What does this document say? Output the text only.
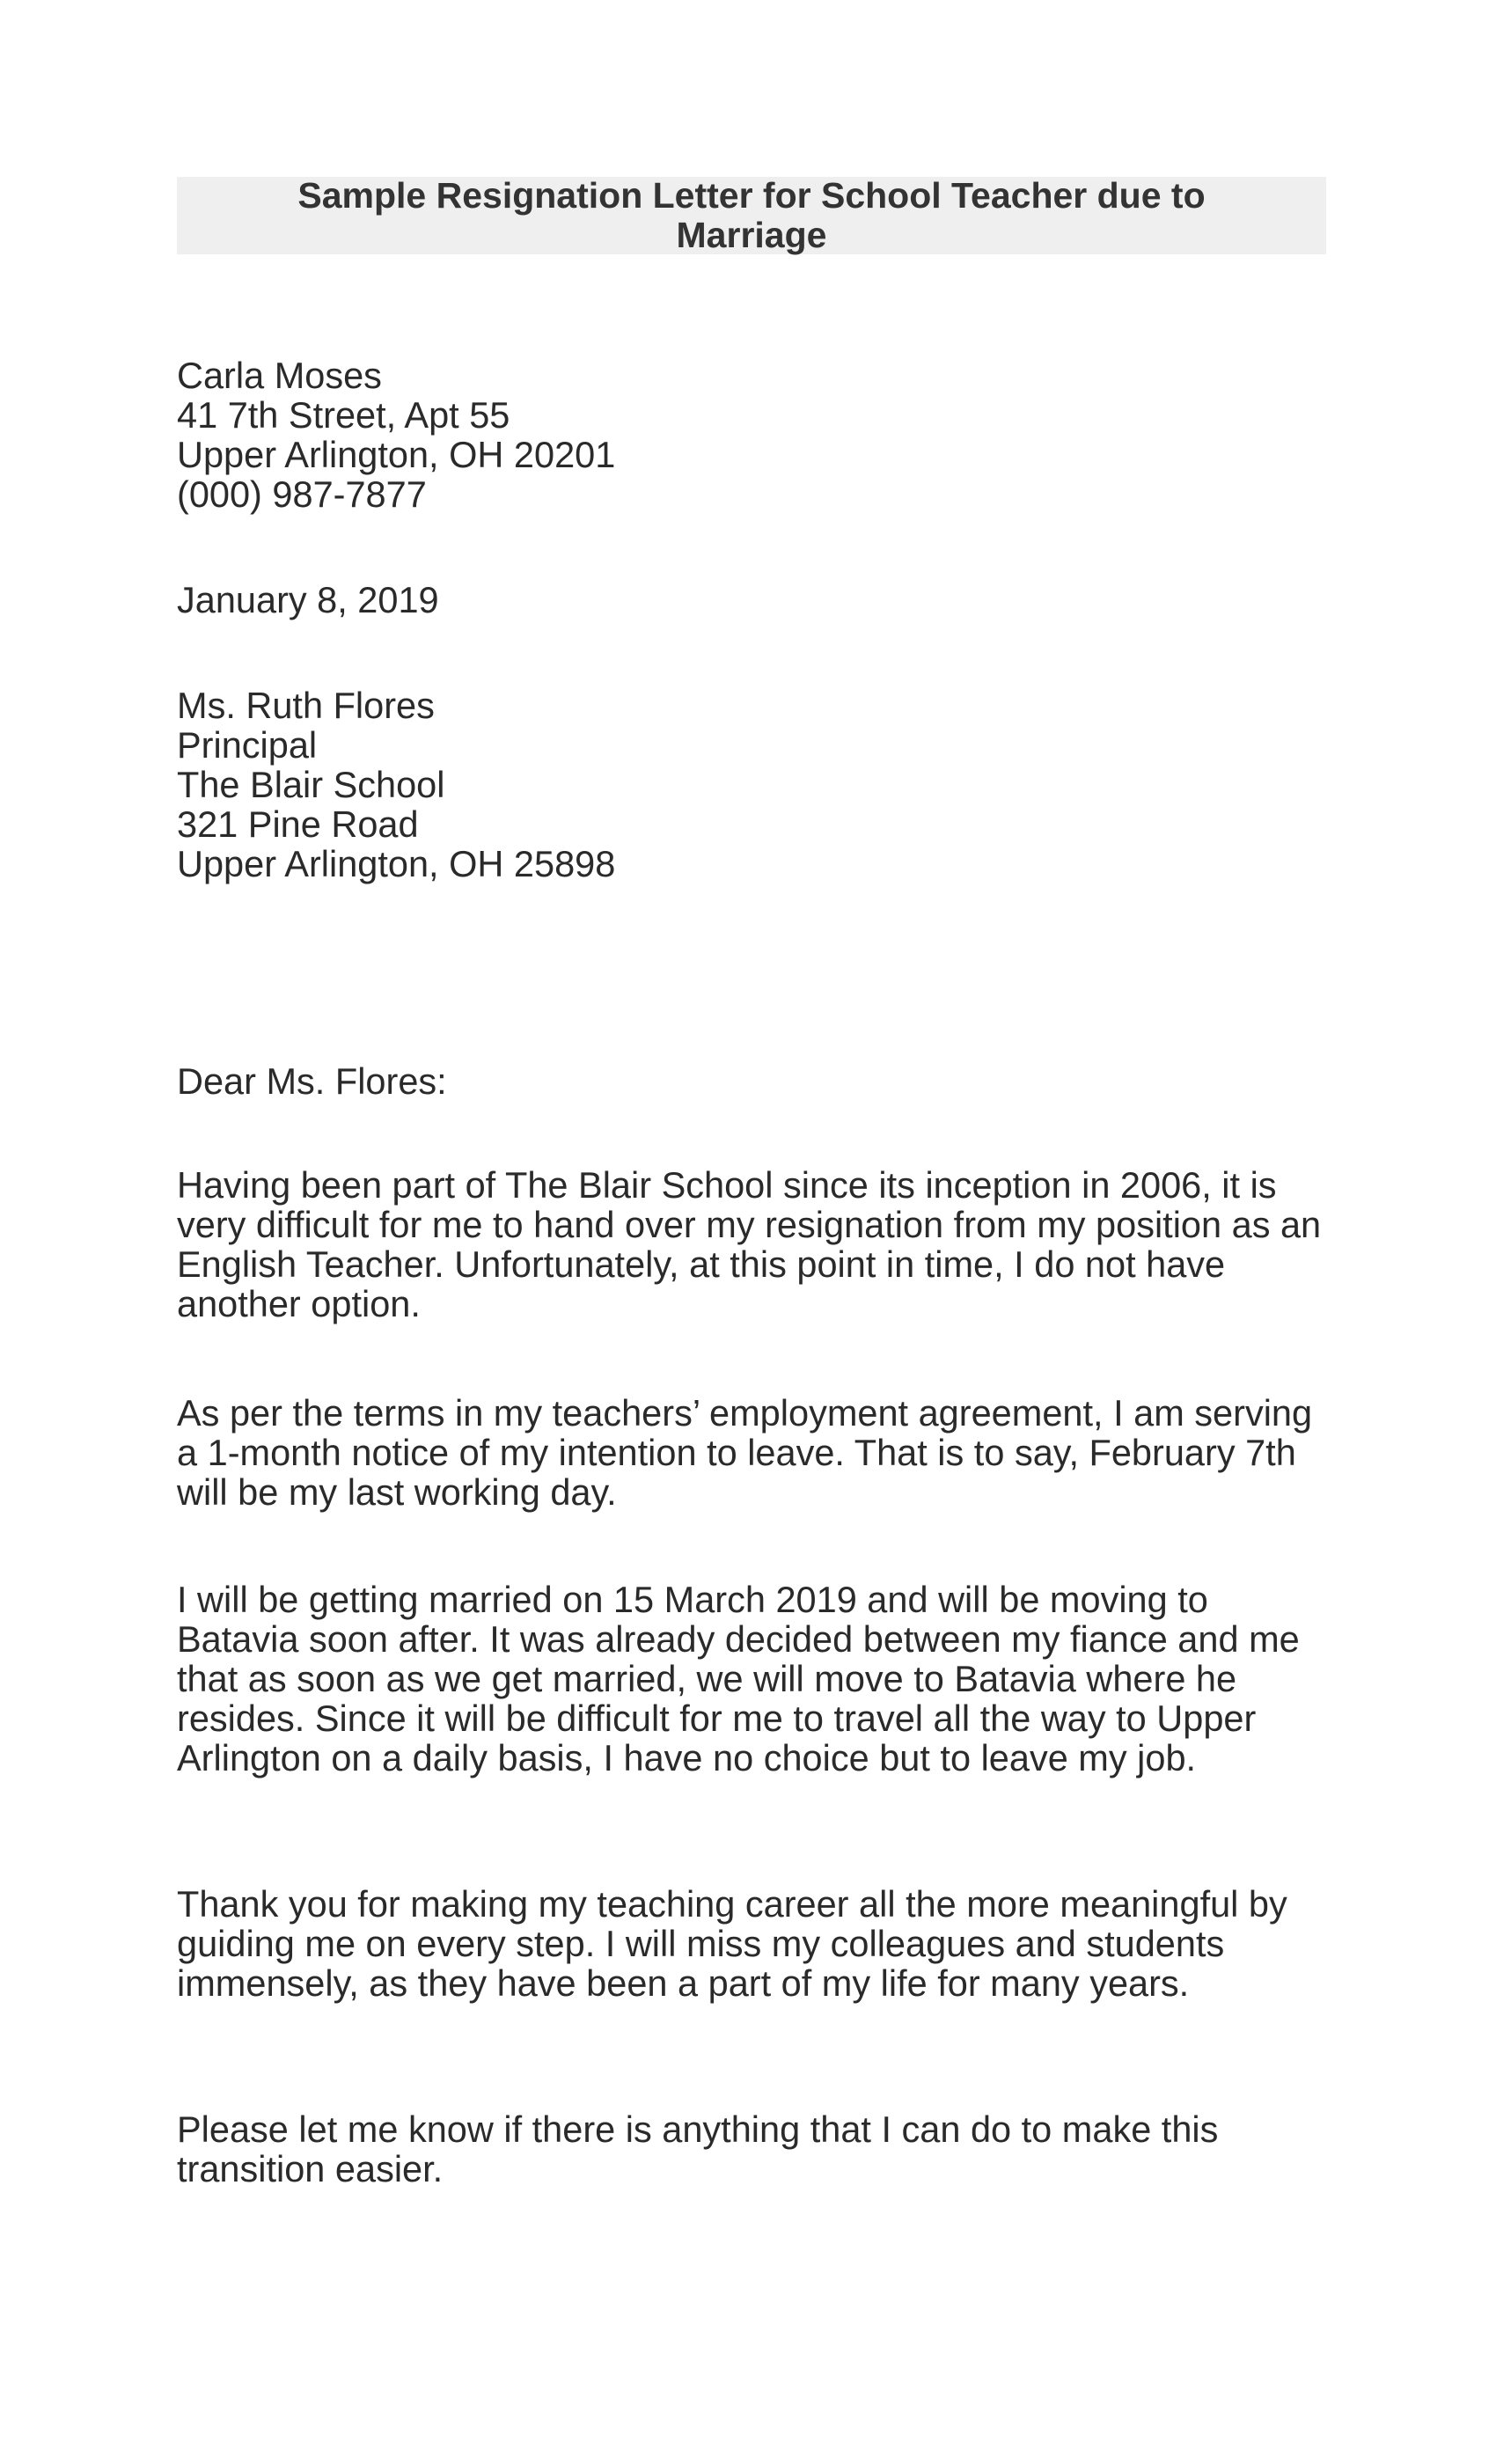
Sample Resignation Letter for School Teacher due to Marriage
Carla Moses
41 7th Street, Apt 55
Upper Arlington, OH 20201
(000) 987-7877
January 8, 2019
Ms. Ruth Flores
Principal
The Blair School
321 Pine Road
Upper Arlington, OH 25898
Dear Ms. Flores:

Having been part of The Blair School since its inception in 2006, it is very difficult for me to hand over my resignation from my position as an English Teacher. Unfortunately, at this point in time, I do not have another option.

As per the terms in my teachers’ employment agreement, I am serving a 1-month notice of my intention to leave. That is to say, February 7th will be my last working day.

I will be getting married on 15 March 2019 and will be moving to Batavia soon after. It was already decided between my fiance and me that as soon as we get married, we will move to Batavia where he resides. Since it will be difficult for me to travel all the way to Upper Arlington on a daily basis, I have no choice but to leave my job.

Thank you for making my teaching career all the more meaningful by guiding me on every step. I will miss my colleagues and students immensely, as they have been a part of my life for many years.

Please let me know if there is anything that I can do to make this transition easier.
